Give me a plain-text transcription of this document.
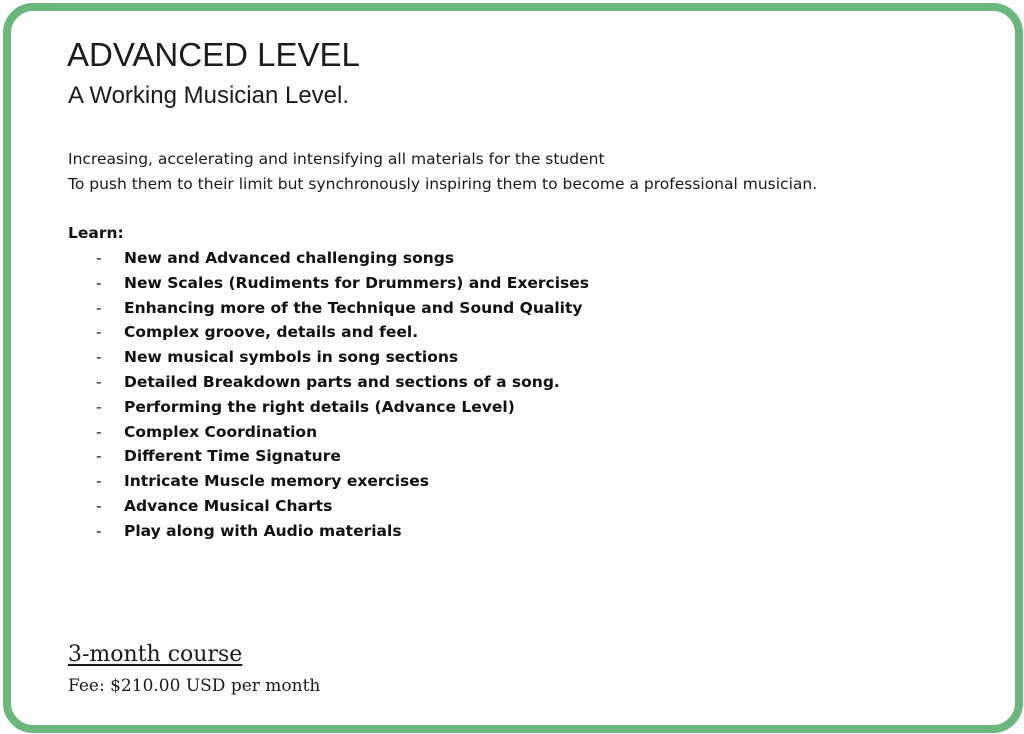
ADVANCED LEVEL
A Working Musician Level.
Increasing, accelerating and intensifying all materials for the student
To push them to their limit but synchronously inspiring them to become a professional musician.
Learn:
- New and Advanced challenging songs
- New Scales (Rudiments for Drummers) and Exercises
- Enhancing more of the Technique and Sound Quality
- Complex groove, details and feel.
- New musical symbols in song sections
- Detailed Breakdown parts and sections of a song.
- Performing the right details (Advance Level)
- Complex Coordination
- Different Time Signature
- Intricate Muscle memory exercises
- Advance Musical Charts
- Play along with Audio materials
3-month course
Fee: $210.00 USD per month
